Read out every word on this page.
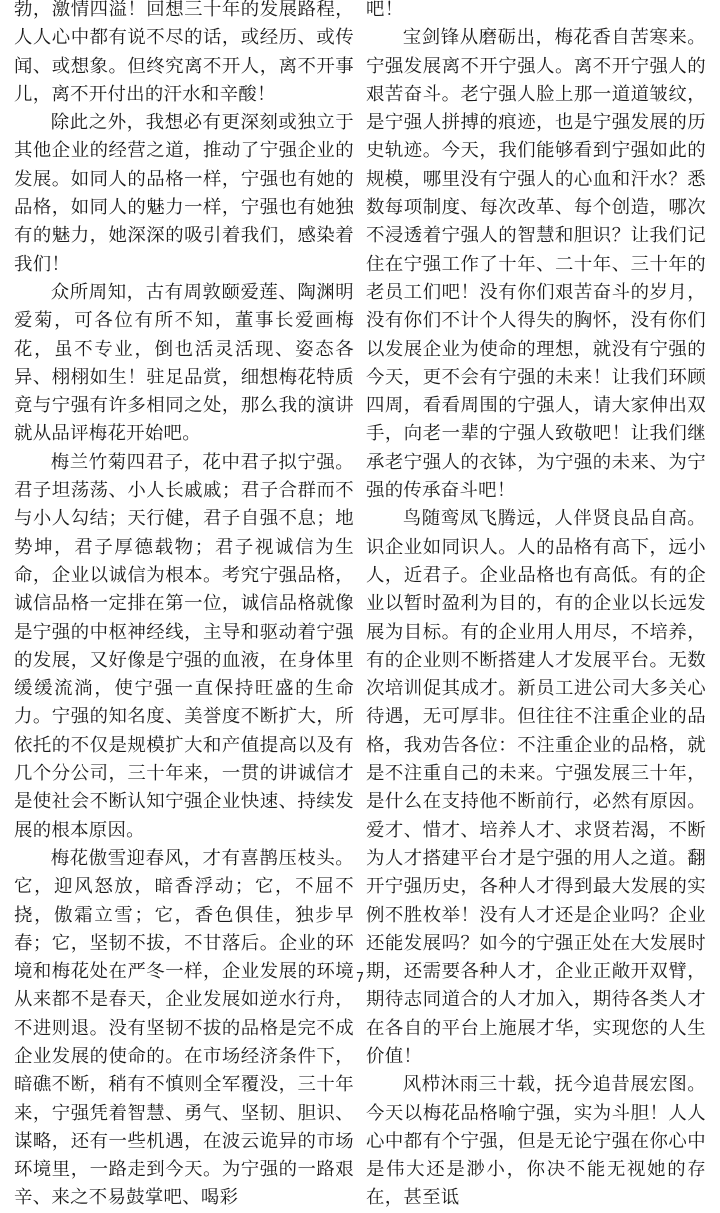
勃，激情四溢！回想三十年的发展路程，人人心中都有说不尽的话，或经历、或传闻、或想象。但终究离不开人，离不开事儿，离不开付出的汗水和辛酸！

除此之外，我想必有更深刻或独立于其他企业的经营之道，推动了宁强企业的发展。如同人的品格一样，宁强也有她的品格，如同人的魅力一样，宁强也有她独有的魅力，她深深的吸引着我们，感染着我们！

众所周知，古有周敦颐爱莲、陶渊明爱菊，可各位有所不知，董事长爱画梅花，虽不专业，倒也活灵活现、姿态各异、栩栩如生！驻足品赏，细想梅花特质竟与宁强有许多相同之处，那么我的演讲就从品评梅花开始吧。

梅兰竹菊四君子，花中君子拟宁强。君子坦荡荡、小人长戚戚；君子合群而不与小人勾结；天行健，君子自强不息；地势坤，君子厚德载物；君子视诚信为生命，企业以诚信为根本。考究宁强品格，诚信品格一定排在第一位，诚信品格就像是宁强的中枢神经线，主导和驱动着宁强的发展，又好像是宁强的血液，在身体里缓缓流淌，使宁强一直保持旺盛的生命力。宁强的知名度、美誉度不断扩大，所依托的不仅是规模扩大和产值提高以及有几个分公司，三十年来，一贯的讲诚信才是使社会不断认知宁强企业快速、持续发展的根本原因。

梅花傲雪迎春风，才有喜鹊压枝头。它，迎风怒放，暗香浮动；它，不屈不挠，傲霜立雪；它，香色俱佳，独步早春；它，坚韧不拔，不甘落后。企业的环境和梅花处在严冬一样，企业发展的环境从来都不是春天，企业发展如逆水行舟，不进则退。没有坚韧不拔的品格是完不成企业发展的使命的。在市场经济条件下，暗礁不断，稍有不慎则全军覆没，三十年来，宁强凭着智慧、勇气、坚韧、胆识、谋略，还有一些机遇，在波云诡异的市场环境里，一路走到今天。为宁强的一路艰辛、来之不易鼓掌吧、喝彩

吧！

宝剑锋从磨砺出，梅花香自苦寒来。宁强发展离不开宁强人。离不开宁强人的艰苦奋斗。老宁强人脸上那一道道皱纹，是宁强人拼搏的痕迹，也是宁强发展的历史轨迹。今天，我们能够看到宁强如此的规模，哪里没有宁强人的心血和汗水？悉数每项制度、每次改革、每个创造，哪次不浸透着宁强人的智慧和胆识？让我们记住在宁强工作了十年、二十年、三十年的老员工们吧！没有你们艰苦奋斗的岁月，没有你们不计个人得失的胸怀，没有你们以发展企业为使命的理想，就没有宁强的今天，更不会有宁强的未来！让我们环顾四周，看看周围的宁强人，请大家伸出双手，向老一辈的宁强人致敬吧！让我们继承老宁强人的衣钵，为宁强的未来、为宁强的传承奋斗吧！

鸟随鸾凤飞腾远，人伴贤良品自高。识企业如同识人。人的品格有高下，远小人，近君子。企业品格也有高低。有的企业以暂时盈利为目的，有的企业以长远发展为目标。有的企业用人用尽，不培养，有的企业则不断搭建人才发展平台。无数次培训促其成才。新员工进公司大多关心待遇，无可厚非。但往往不注重企业的品格，我劝告各位：不注重企业的品格，就是不注重自己的未来。宁强发展三十年，是什么在支持他不断前行，必然有原因。爱才、惜才、培养人才、求贤若渴，不断为人才搭建平台才是宁强的用人之道。翻开宁强历史，各种人才得到最大发展的实例不胜枚举！没有人才还是企业吗？企业还能发展吗？如今的宁强正处在大发展时期，还需要各种人才，企业正敞开双臂，期待志同道合的人才加入，期待各类人才在各自的平台上施展才华，实现您的人生价值！

风栉沐雨三十载，抚今追昔展宏图。今天以梅花品格喻宁强，实为斗胆！人人心中都有个宁强，但是无论宁强在你心中是伟大还是渺小，你决不能无视她的存在，甚至诋

7
